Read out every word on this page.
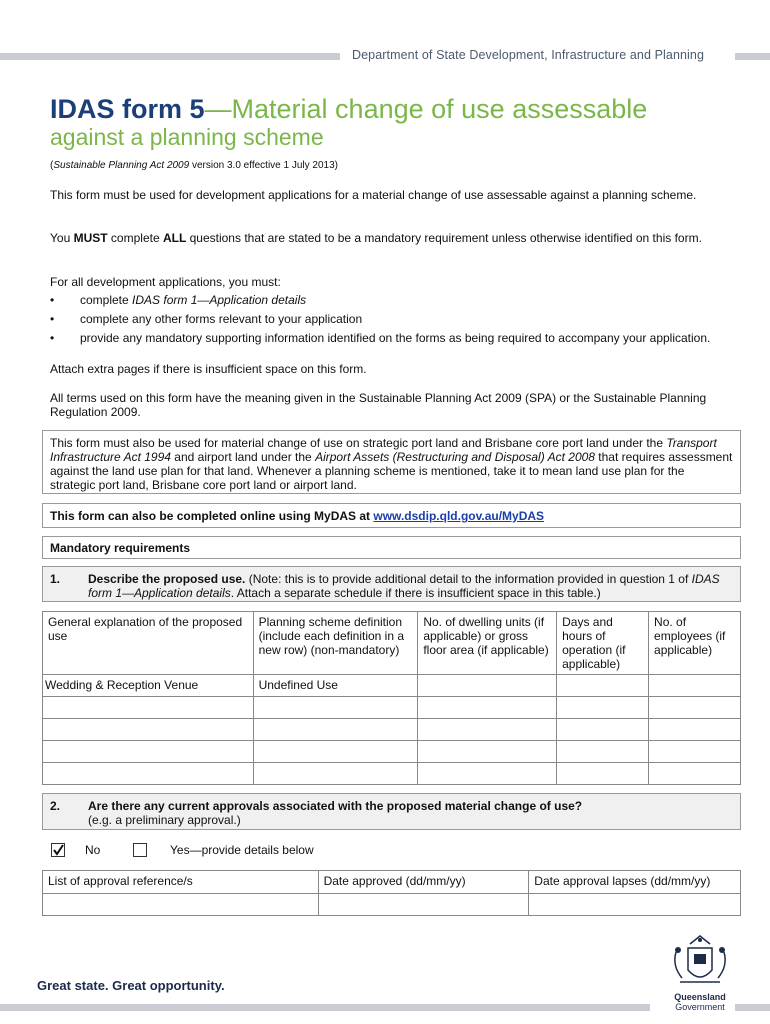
Department of State Development, Infrastructure and Planning
IDAS form 5—Material change of use assessable
against a planning scheme
(Sustainable Planning Act 2009 version 3.0 effective 1 July 2013)
This form must be used for development applications for a material change of use assessable against a planning scheme.
You MUST complete ALL questions that are stated to be a mandatory requirement unless otherwise identified on this form.
For all development applications, you must:
• complete IDAS form 1—Application details
• complete any other forms relevant to your application
• provide any mandatory supporting information identified on the forms as being required to accompany your application.
Attach extra pages if there is insufficient space on this form.
All terms used on this form have the meaning given in the Sustainable Planning Act 2009 (SPA) or the Sustainable Planning Regulation 2009.
This form must also be used for material change of use on strategic port land and Brisbane core port land under the Transport Infrastructure Act 1994 and airport land under the Airport Assets (Restructuring and Disposal) Act 2008 that requires assessment against the land use plan for that land. Whenever a planning scheme is mentioned, take it to mean land use plan for the strategic port land, Brisbane core port land or airport land.
This form can also be completed online using MyDAS at www.dsdip.qld.gov.au/MyDAS
Mandatory requirements
1. Describe the proposed use. (Note: this is to provide additional detail to the information provided in question 1 of IDAS form 1—Application details. Attach a separate schedule if there is insufficient space in this table.)
General explanation of the proposed use	Planning scheme definition (include each definition in a new row) (non-mandatory)	No. of dwelling units (if applicable) or gross floor area (if applicable)	Days and hours of operation (if applicable)	No. of employees (if applicable)
Wedding & Reception Venue	Undefined Use			

2. Are there any current approvals associated with the proposed material change of use?
(e.g. a preliminary approval.)
No	Yes—provide details below
List of approval reference/s	Date approved (dd/mm/yy)	Date approval lapses (dd/mm/yy)

Great state. Great opportunity.
Queensland
Government
